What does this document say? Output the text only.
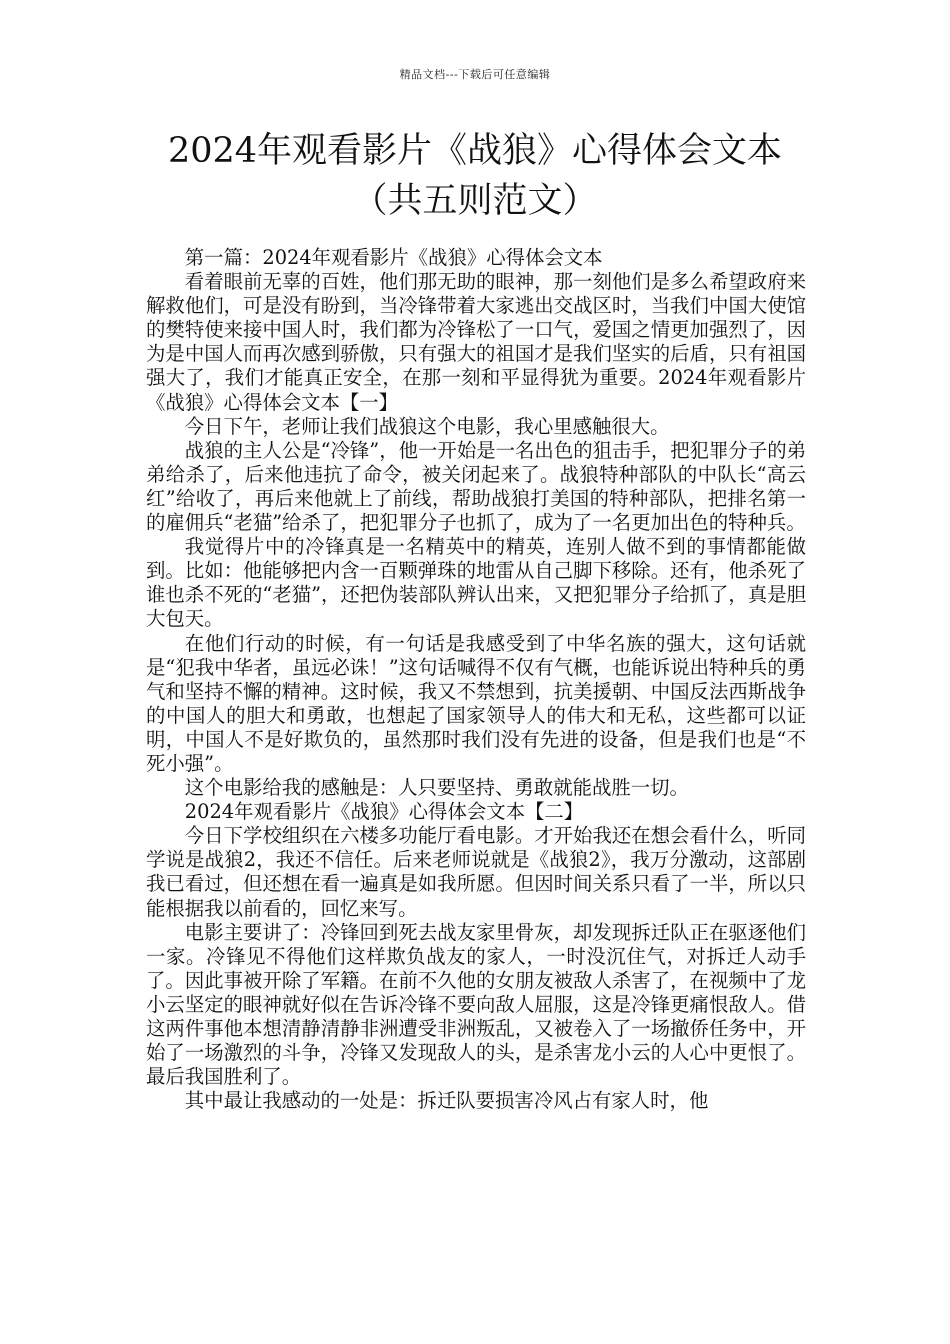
精品文档---下载后可任意编辑
2024年观看影片《战狼》心得体会文本
（共五则范文）

第一篇：2024年观看影片《战狼》心得体会文本

看着眼前无辜的百姓，他们那无助的眼神，那一刻他们是多么希望政府来解救他们，可是没有盼到，当冷锋带着大家逃出交战区时，当我们中国大使馆的樊特使来接中国人时，我们都为冷锋松了一口气，爱国之情更加强烈了，因为是中国人而再次感到骄傲，只有强大的祖国才是我们坚实的后盾，只有祖国强大了，我们才能真正安全，在那一刻和平显得犹为重要。2024年观看影片《战狼》心得体会文本【一】

今日下午，老师让我们战狼这个电影，我心里感触很大。

战狼的主人公是“冷锋”，他一开始是一名出色的狙击手，把犯罪分子的弟弟给杀了，后来他违抗了命令，被关闭起来了。战狼特种部队的中队长“高云红”给收了，再后来他就上了前线，帮助战狼打美国的特种部队，把排名第一的雇佣兵“老猫”给杀了，把犯罪分子也抓了，成为了一名更加出色的特种兵。

我觉得片中的冷锋真是一名精英中的精英，连别人做不到的事情都能做到。比如：他能够把内含一百颗弹珠的地雷从自己脚下移除。还有，他杀死了谁也杀不死的“老猫”，还把伪装部队辨认出来，又把犯罪分子给抓了，真是胆大包天。

在他们行动的时候，有一句话是我感受到了中华名族的强大，这句话就是“犯我中华者，虽远必诛！”这句话喊得不仅有气概，也能诉说出特种兵的勇气和坚持不懈的精神。这时候，我又不禁想到，抗美援朝、中国反法西斯战争的中国人的胆大和勇敢，也想起了国家领导人的伟大和无私，这些都可以证明，中国人不是好欺负的，虽然那时我们没有先进的设备，但是我们也是“不死小强”。

这个电影给我的感触是：人只要坚持、勇敢就能战胜一切。

2024年观看影片《战狼》心得体会文本【二】

今日下学校组织在六楼多功能厅看电影。才开始我还在想会看什么，听同学说是战狼2，我还不信任。后来老师说就是《战狼2》，我万分激动，这部剧我已看过，但还想在看一遍真是如我所愿。但因时间关系只看了一半，所以只能根据我以前看的，回忆来写。

电影主要讲了：冷锋回到死去战友家里骨灰，却发现拆迁队正在驱逐他们一家。冷锋见不得他们这样欺负战友的家人，一时没沉住气，对拆迁人动手了。因此事被开除了军籍。在前不久他的女朋友被敌人杀害了，在视频中了龙小云坚定的眼神就好似在告诉冷锋不要向敌人屈服，这是冷锋更痛恨敌人。借这两件事他本想清静清静非洲遭受非洲叛乱，又被卷入了一场撤侨任务中，开始了一场激烈的斗争，冷锋又发现敌人的头，是杀害龙小云的人心中更恨了。最后我国胜利了。

其中最让我感动的一处是：拆迁队要损害冷风占有家人时，他
